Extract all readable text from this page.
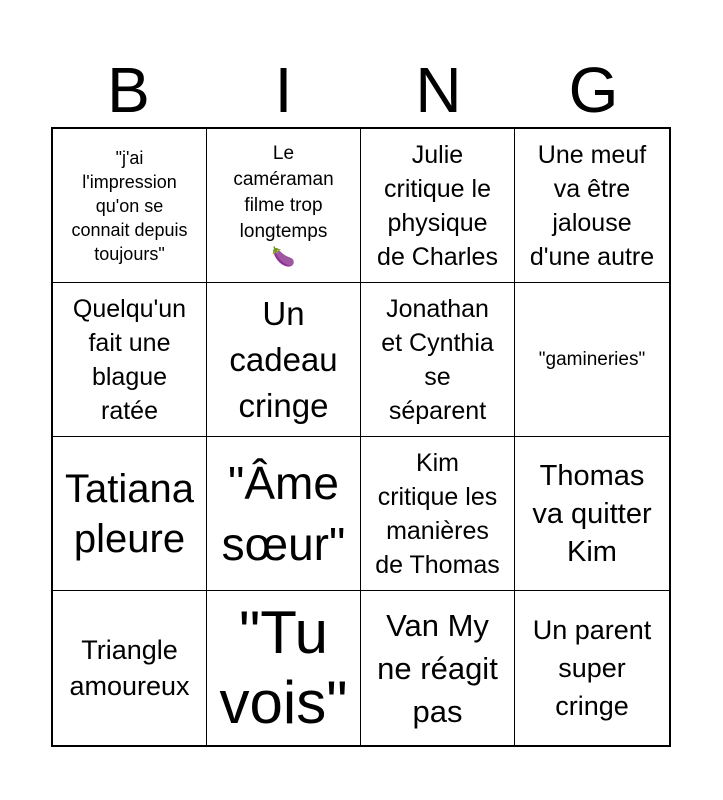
B	I	N	G
"j'ai
l'impression
qu'on se
connait depuis
toujours"
Le
caméraman
filme trop
longtemps
🍆
Julie
critique le
physique
de Charles
Une meuf
va être
jalouse
d'une autre
Quelqu'un
fait une
blague
ratée
Un
cadeau
cringe
Jonathan
et Cynthia
se
séparent
"gamineries"
Tatiana
pleure
"Âme
sœur"
Kim
critique les
manières
de Thomas
Thomas
va quitter
Kim
Triangle
amoureux
"Tu
vois"
Van My
ne réagit
pas
Un parent
super
cringe
